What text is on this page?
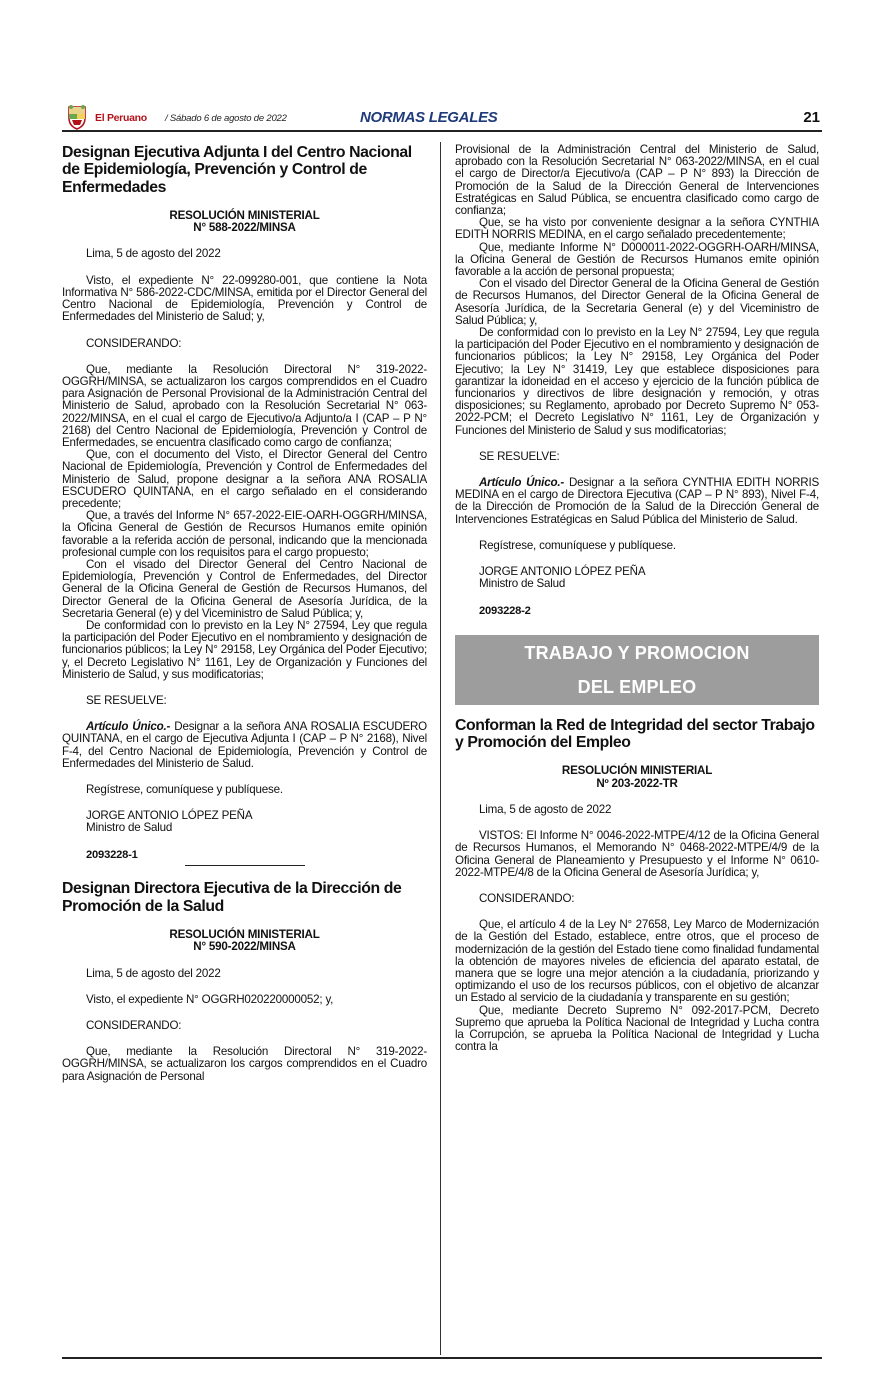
El Peruano / Sábado 6 de agosto de 2022	NORMAS LEGALES	21
Designan Ejecutiva Adjunta I del Centro Nacional de Epidemiología, Prevención y Control de Enfermedades

RESOLUCIÓN MINISTERIAL

N° 588-2022/MINSA

Lima, 5 de agosto del 2022

Visto, el expediente N° 22-099280-001, que contiene la Nota Informativa N° 586-2022-CDC/MINSA, emitida por el Director General del Centro Nacional de Epidemiología, Prevención y Control de Enfermedades del Ministerio de Salud; y,

CONSIDERANDO:

Que, mediante la Resolución Directoral N° 319-2022-OGGRH/MINSA, se actualizaron los cargos comprendidos en el Cuadro para Asignación de Personal Provisional de la Administración Central del Ministerio de Salud, aprobado con la Resolución Secretarial N° 063-2022/MINSA, en el cual el cargo de Ejecutivo/a Adjunto/a I (CAP – P N° 2168) del Centro Nacional de Epidemiología, Prevención y Control de Enfermedades, se encuentra clasificado como cargo de confianza;

Que, con el documento del Visto, el Director General del Centro Nacional de Epidemiología, Prevención y Control de Enfermedades del Ministerio de Salud, propone designar a la señora ANA ROSALIA ESCUDERO QUINTANA, en el cargo señalado en el considerando precedente;

Que, a través del Informe N° 657-2022-EIE-OARH-OGGRH/MINSA, la Oficina General de Gestión de Recursos Humanos emite opinión favorable a la referida acción de personal, indicando que la mencionada profesional cumple con los requisitos para el cargo propuesto;

Con el visado del Director General del Centro Nacional de Epidemiología, Prevención y Control de Enfermedades, del Director General de la Oficina General de Gestión de Recursos Humanos, del Director General de la Oficina General de Asesoría Jurídica, de la Secretaria General (e) y del Viceministro de Salud Pública; y,

De conformidad con lo previsto en la Ley N° 27594, Ley que regula la participación del Poder Ejecutivo en el nombramiento y designación de funcionarios públicos; la Ley N° 29158, Ley Orgánica del Poder Ejecutivo; y, el Decreto Legislativo N° 1161, Ley de Organización y Funciones del Ministerio de Salud, y sus modificatorias;

SE RESUELVE:

Artículo Único.- Designar a la señora ANA ROSALIA ESCUDERO QUINTANA, en el cargo de Ejecutiva Adjunta I (CAP – P N° 2168), Nivel F-4, del Centro Nacional de Epidemiología, Prevención y Control de Enfermedades del Ministerio de Salud.

Regístrese, comuníquese y publíquese.

JORGE ANTONIO LÓPEZ PEÑA

Ministro de Salud

2093228-1

Designan Directora Ejecutiva de la Dirección de Promoción de la Salud

RESOLUCIÓN MINISTERIAL

N° 590-2022/MINSA

Lima, 5 de agosto del 2022

Visto, el expediente N° OGGRH020220000052; y,

CONSIDERANDO:

Que, mediante la Resolución Directoral N° 319-2022-OGGRH/MINSA, se actualizaron los cargos comprendidos en el Cuadro para Asignación de Personal

Provisional de la Administración Central del Ministerio de Salud, aprobado con la Resolución Secretarial N° 063-2022/MINSA, en el cual el cargo de Director/a Ejecutivo/a (CAP – P N° 893) la Dirección de Promoción de la Salud de la Dirección General de Intervenciones Estratégicas en Salud Pública, se encuentra clasificado como cargo de confianza;

Que, se ha visto por conveniente designar a la señora CYNTHIA EDITH NORRIS MEDINA, en el cargo señalado precedentemente;

Que, mediante Informe N° D000011-2022-OGGRH-OARH/MINSA, la Oficina General de Gestión de Recursos Humanos emite opinión favorable a la acción de personal propuesta;

Con el visado del Director General de la Oficina General de Gestión de Recursos Humanos, del Director General de la Oficina General de Asesoría Jurídica, de la Secretaria General (e) y del Viceministro de Salud Pública; y,

De conformidad con lo previsto en la Ley N° 27594, Ley que regula la participación del Poder Ejecutivo en el nombramiento y designación de funcionarios públicos; la Ley N° 29158, Ley Orgánica del Poder Ejecutivo; la Ley N° 31419, Ley que establece disposiciones para garantizar la idoneidad en el acceso y ejercicio de la función pública de funcionarios y directivos de libre designación y remoción, y otras disposiciones; su Reglamento, aprobado por Decreto Supremo N° 053-2022-PCM; el Decreto Legislativo N° 1161, Ley de Organización y Funciones del Ministerio de Salud y sus modificatorias;

SE RESUELVE:

Artículo Único.- Designar a la señora CYNTHIA EDITH NORRIS MEDINA en el cargo de Directora Ejecutiva (CAP – P N° 893), Nivel F-4, de la Dirección de Promoción de la Salud de la Dirección General de Intervenciones Estratégicas en Salud Pública del Ministerio de Salud.

Regístrese, comuníquese y publíquese.

JORGE ANTONIO LÓPEZ PEÑA

Ministro de Salud

2093228-2

TRABAJO Y PROMOCION
DEL EMPLEO
Conforman la Red de Integridad del sector Trabajo y Promoción del Empleo

RESOLUCIÓN MINISTERIAL

Nº 203-2022-TR

Lima, 5 de agosto de 2022

VISTOS: El Informe N° 0046-2022-MTPE/4/12 de la Oficina General de Recursos Humanos, el Memorando N° 0468-2022-MTPE/4/9 de la Oficina General de Planeamiento y Presupuesto y el Informe N° 0610-2022-MTPE/4/8 de la Oficina General de Asesoría Jurídica; y,

CONSIDERANDO:

Que, el artículo 4 de la Ley N° 27658, Ley Marco de Modernización de la Gestión del Estado, establece, entre otros, que el proceso de modernización de la gestión del Estado tiene como finalidad fundamental la obtención de mayores niveles de eficiencia del aparato estatal, de manera que se logre una mejor atención a la ciudadanía, priorizando y optimizando el uso de los recursos públicos, con el objetivo de alcanzar un Estado al servicio de la ciudadanía y transparente en su gestión;

Que, mediante Decreto Supremo N° 092-2017-PCM, Decreto Supremo que aprueba la Política Nacional de Integridad y Lucha contra la Corrupción, se aprueba la Política Nacional de Integridad y Lucha contra la
